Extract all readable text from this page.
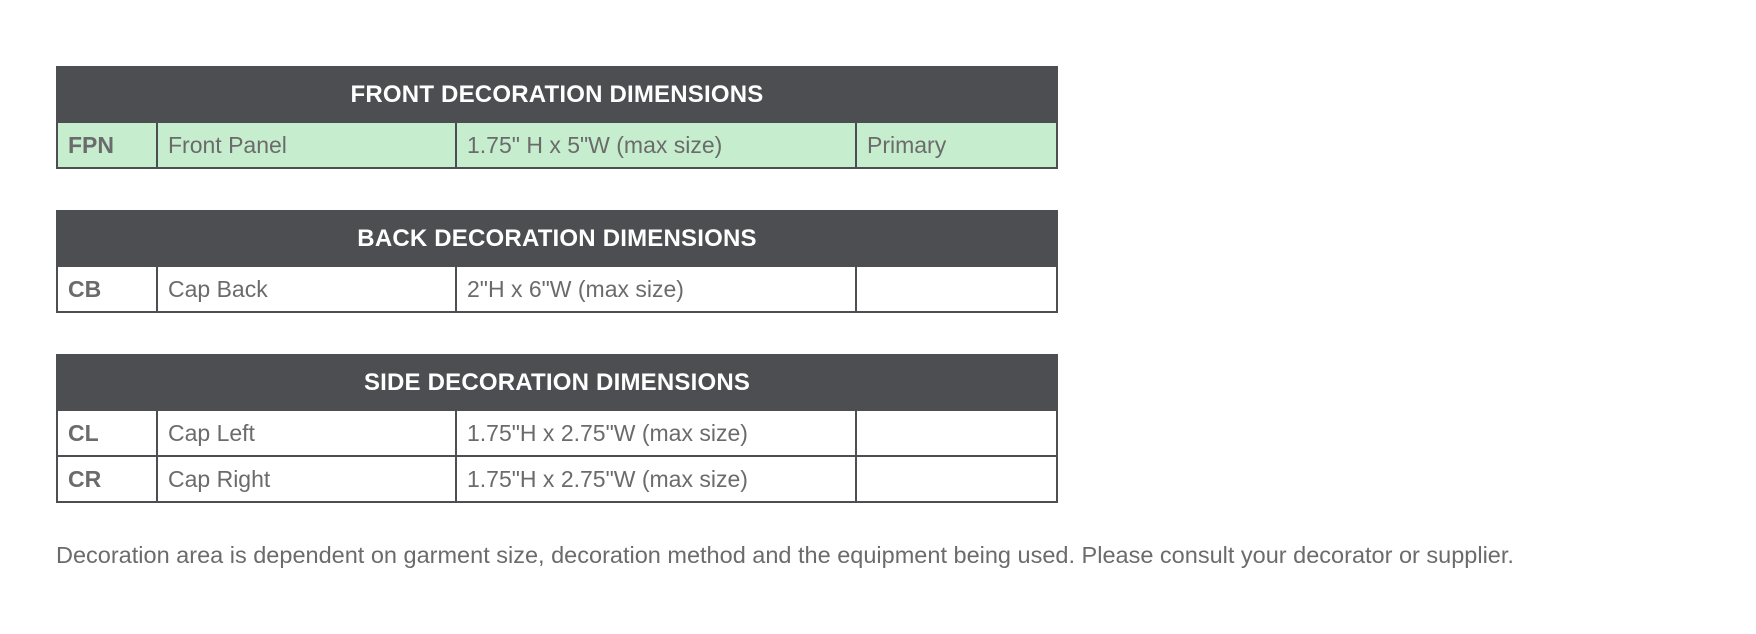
FRONT DECORATION DIMENSIONS
FPN	Front Panel	1.75" H x 5"W (max size)	Primary
BACK DECORATION DIMENSIONS
CB	Cap Back	2"H x 6"W (max size)	
SIDE DECORATION DIMENSIONS			
CL	Cap Left	1.75"H x 2.75"W (max size)	
CR	Cap Right	1.75"H x 2.75"W (max size)	
Decoration area is dependent on garment size, decoration method and the equipment being used. Please consult your decorator or supplier.
